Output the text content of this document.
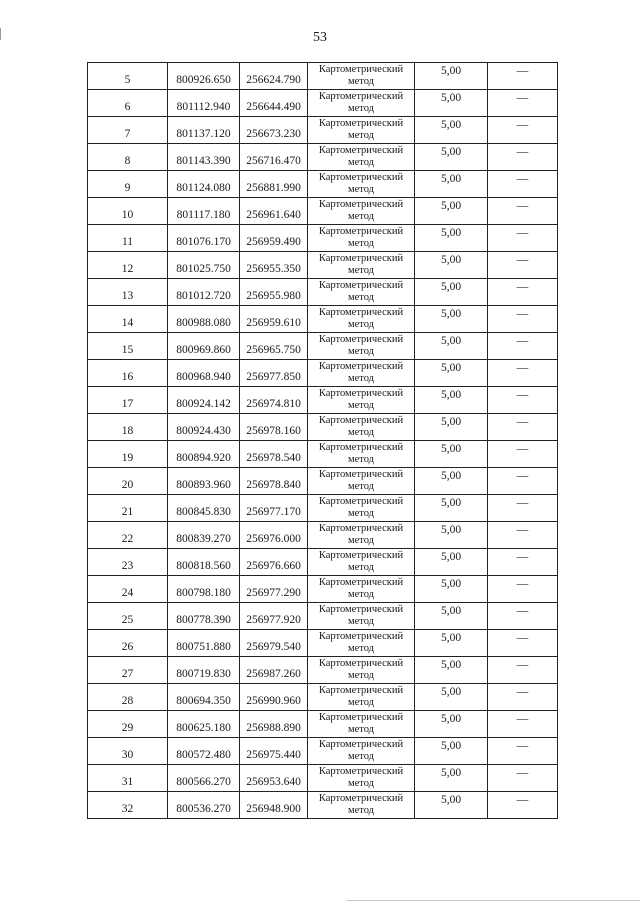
53
5	800926.650	256624.790	Картометрический метод	5,00	—
6	801112.940	256644.490	Картометрический метод	5,00	—
7	801137.120	256673.230	Картометрический метод	5,00	—
8	801143.390	256716.470	Картометрический метод	5,00	—
9	801124.080	256881.990	Картометрический метод	5,00	—
10	801117.180	256961.640	Картометрический метод	5,00	—
11	801076.170	256959.490	Картометрический метод	5,00	—
12	801025.750	256955.350	Картометрический метод	5,00	—
13	801012.720	256955.980	Картометрический метод	5,00	—
14	800988.080	256959.610	Картометрический метод	5,00	—
15	800969.860	256965.750	Картометрический метод	5,00	—
16	800968.940	256977.850	Картометрический метод	5,00	—
17	800924.142	256974.810	Картометрический метод	5,00	—
18	800924.430	256978.160	Картометрический метод	5,00	—
19	800894.920	256978.540	Картометрический метод	5,00	—
20	800893.960	256978.840	Картометрический метод	5,00	—
21	800845.830	256977.170	Картометрический метод	5,00	—
22	800839.270	256976.000	Картометрический метод	5,00	—
23	800818.560	256976.660	Картометрический метод	5,00	—
24	800798.180	256977.290	Картометрический метод	5,00	—
25	800778.390	256977.920	Картометрический метод	5,00	—
26	800751.880	256979.540	Картометрический метод	5,00	—
27	800719.830	256987.260	Картометрический метод	5,00	—
28	800694.350	256990.960	Картометрический метод	5,00	—
29	800625.180	256988.890	Картометрический метод	5,00	—
30	800572.480	256975.440	Картометрический метод	5,00	—
31	800566.270	256953.640	Картометрический метод	5,00	—
32	800536.270	256948.900	Картометрический метод	5,00	—
